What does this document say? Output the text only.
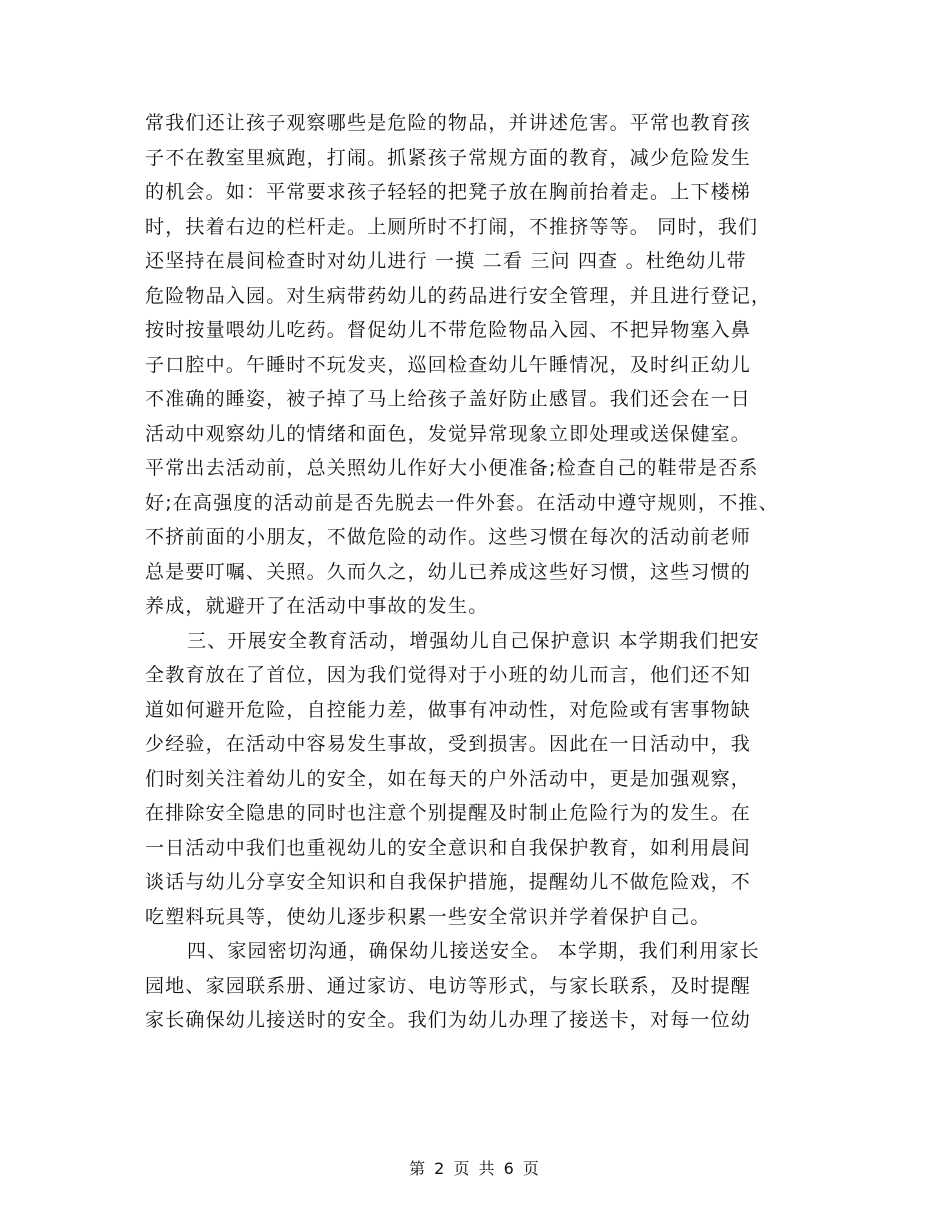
常我们还让孩子观察哪些是危险的物品，并讲述危害。平常也教育孩
子不在教室里疯跑，打闹。抓紧孩子常规方面的教育，减少危险发生
的机会。如：平常要求孩子轻轻的把凳子放在胸前抬着走。上下楼梯
时，扶着右边的栏杆走。上厕所时不打闹，不推挤等等。 同时，我们
还坚持在晨间检查时对幼儿进行 一摸 二看 三问 四查 。杜绝幼儿带
危险物品入园。对生病带药幼儿的药品进行安全管理，并且进行登记，
按时按量喂幼儿吃药。督促幼儿不带危险物品入园、不把异物塞入鼻
子口腔中。午睡时不玩发夹，巡回检查幼儿午睡情况，及时纠正幼儿
不准确的睡姿，被子掉了马上给孩子盖好防止感冒。我们还会在一日
活动中观察幼儿的情绪和面色，发觉异常现象立即处理或送保健室。
平常出去活动前，总关照幼儿作好大小便准备;检查自己的鞋带是否系
好;在高强度的活动前是否先脱去一件外套。在活动中遵守规则，不推、
不挤前面的小朋友，不做危险的动作。这些习惯在每次的活动前老师
总是要叮嘱、关照。久而久之，幼儿已养成这些好习惯，这些习惯的
养成，就避开了在活动中事故的发生。
三、开展安全教育活动，增强幼儿自己保护意识 本学期我们把安
全教育放在了首位，因为我们觉得对于小班的幼儿而言，他们还不知
道如何避开危险，自控能力差，做事有冲动性，对危险或有害事物缺
少经验，在活动中容易发生事故，受到损害。因此在一日活动中，我
们时刻关注着幼儿的安全，如在每天的户外活动中，更是加强观察，
在排除安全隐患的同时也注意个别提醒及时制止危险行为的发生。在
一日活动中我们也重视幼儿的安全意识和自我保护教育，如利用晨间
谈话与幼儿分享安全知识和自我保护措施，提醒幼儿不做危险戏，不
吃塑料玩具等，使幼儿逐步积累一些安全常识并学着保护自己。
四、家园密切沟通，确保幼儿接送安全。 本学期，我们利用家长
园地、家园联系册、通过家访、电访等形式，与家长联系，及时提醒
家长确保幼儿接送时的安全。我们为幼儿办理了接送卡，对每一位幼
第 2 页 共 6 页
